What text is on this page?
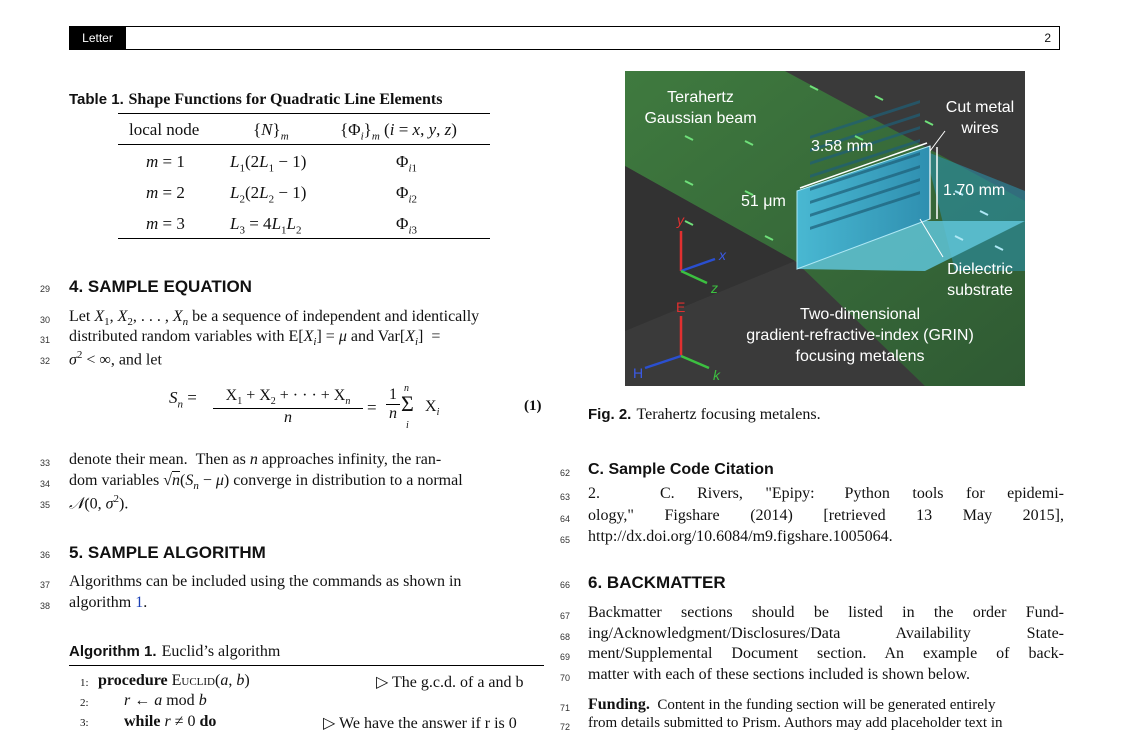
Letter	2
Table 1. Shape Functions for Quadratic Line Elements
local node	$\{N\}_m$	$\{\Phi_i\}_m$ (i = x, y, z)
m = 1	$L_1(2L_1 - 1)$	$\Phi_{i1}$
m = 2	$L_2(2L_2 - 1)$	$\Phi_{i2}$
m = 3	$L_3 = 4L_1L_2$	$\Phi_{i3}$
29 4. SAMPLE EQUATION
30 Let $X_1$, $X_2$, . . . , $X_n$ be a sequence of independent and identically
31 distributed random variables with $E[X_i] = \mu$ and $Var[X_i]$  =
32 $\sigma^2$ < ∞, and let
$S_n$ =	$X_1 + X_2$ + · · · + $X_n$
n
=
1
n
n
Σ
i
$X_i$	(1)
33 denote their mean.  Then as n approaches infinity, the ran-
34 dom variables $√n(S_n - \mu)$ converge in distribution to a normal
35 𝒩(0, $\sigma^2$).
36 5. SAMPLE ALGORITHM
37 Algorithms can be included using the commands as shown in
38 algorithm 1.
Algorithm 1. Euclid’s algorithm
1: procedure Euclid(a, b)	▷ The g.c.d. of a and b
2: r ← a mod b
3: while r ≠ 0 do	▷ We have the answer if r is 0
Terahertz
Gaussian beam
Cut metal
wires
3.58 mm
1.70 mm
51 μm
Dielectric
substrate
Two-dimensional
gradient-refractive-index (GRIN)
focusing metalens
y
x
z
E
H	k
Fig. 2. Terahertz focusing metalens.
62 C. Sample Code Citation
63 2.        C.   Rivers,   "Epipy:    Python   tools   for   epidemi-
64 ology,"   Figshare   (2014)   [retrieved   13   May   2015],
65 http://dx.doi.org/10.6084/m9.figshare.1005064.
66 6. BACKMATTER
67 Backmatter sections should be listed in the order Fund-
68 ing/Acknowledgment/Disclosures/Data Availability State-
69 ment/Supplemental Document section. An example of back-
70 matter with each of these sections included is shown below.
71 Funding. Content in the funding section will be generated entirely
72 from details submitted to Prism. Authors may add placeholder text in
